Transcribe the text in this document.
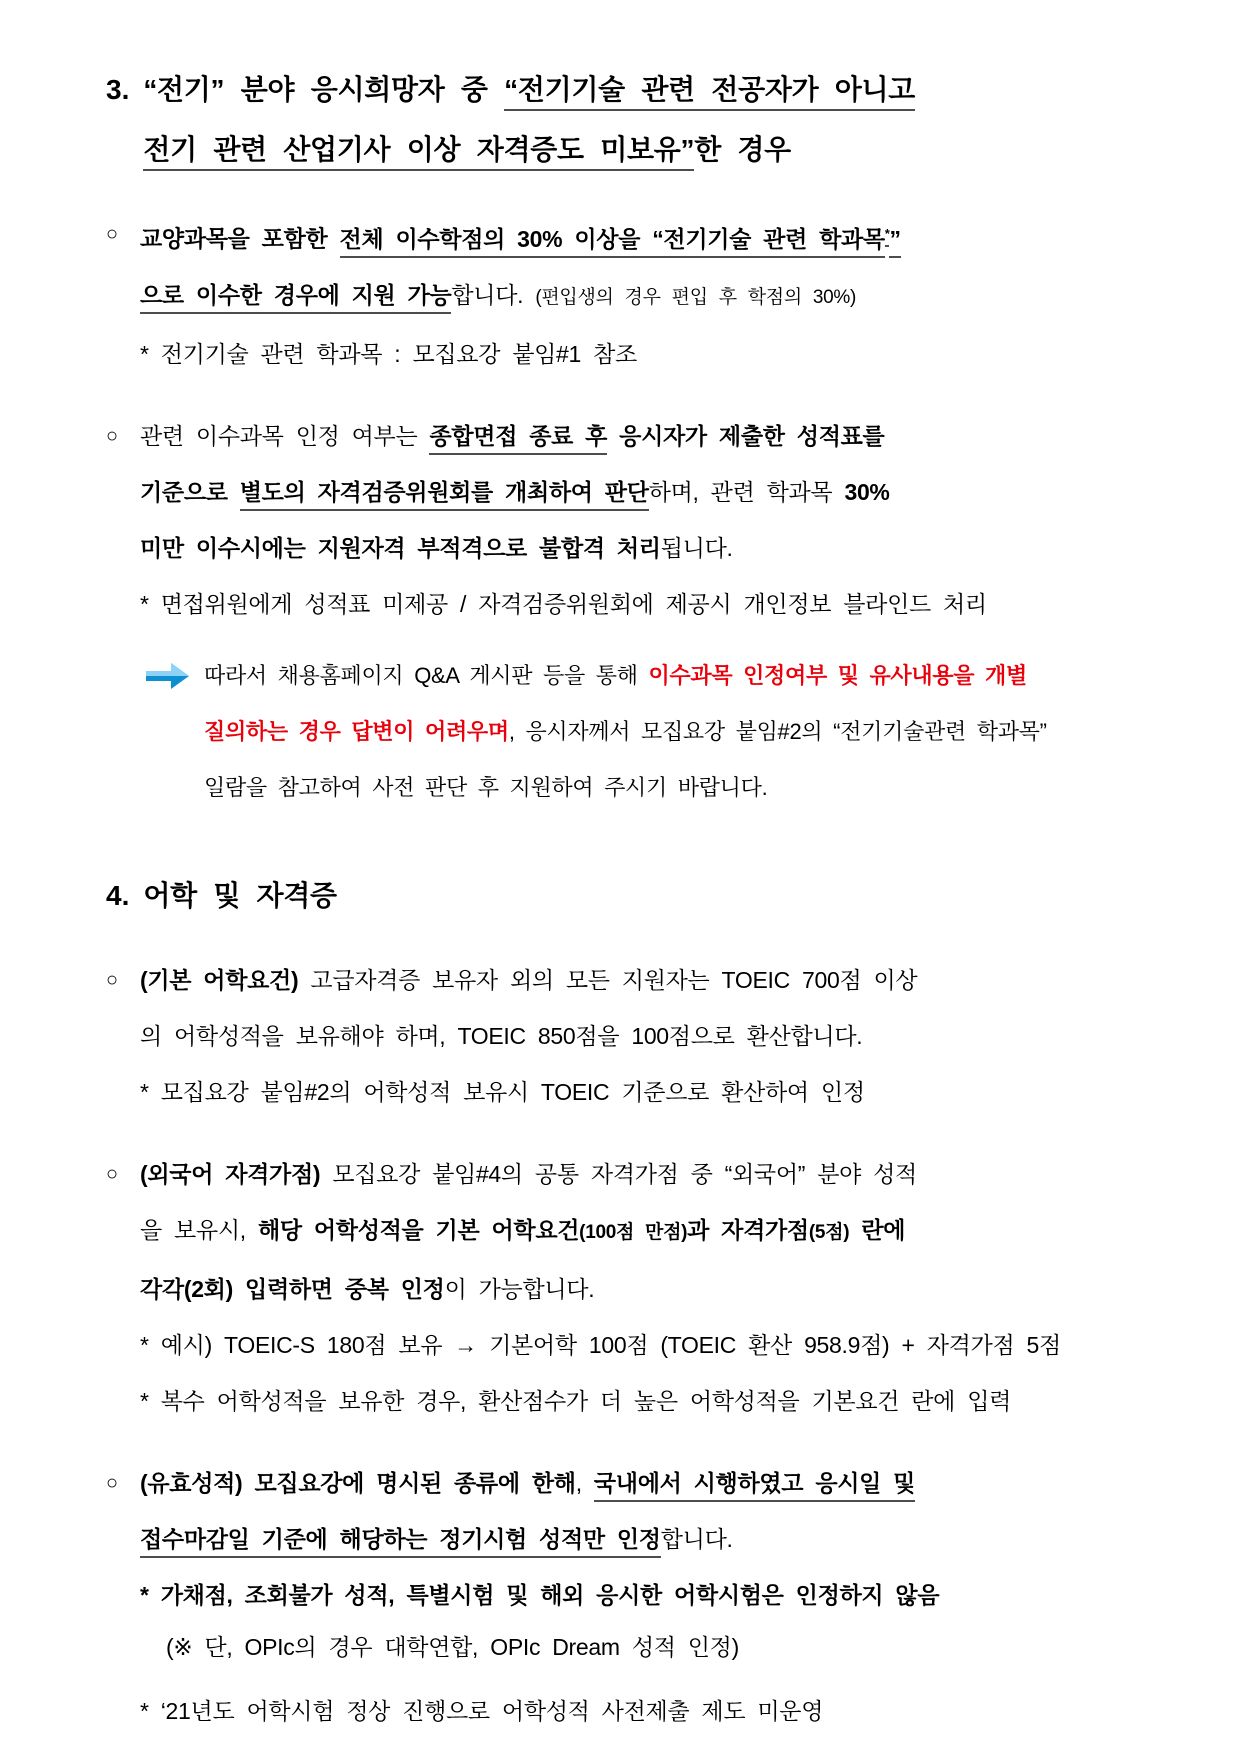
3. “전기” 분야 응시희망자 중 “전기기술 관련 전공자가 아니고
전기 관련 산업기사 이상 자격증도 미보유”한 경우
○ 교양과목을 포함한 전체 이수학점의 30% 이상을 “전기기술 관련 학과목*”
으로 이수한 경우에 지원 가능합니다. (편입생의 경우 편입 후 학점의 30%)
* 전기기술 관련 학과목 : 모집요강 붙임#1 참조
○ 관련 이수과목 인정 여부는 종합면접 종료 후 응시자가 제출한 성적표를
기준으로 별도의 자격검증위원회를 개최하여 판단하며, 관련 학과목 30%
미만 이수시에는 지원자격 부적격으로 불합격 처리됩니다.
* 면접위원에게 성적표 미제공 / 자격검증위원회에 제공시 개인정보 블라인드 처리
따라서 채용홈페이지 Q&A 게시판 등을 통해 이수과목 인정여부 및 유사내용을 개별
질의하는 경우 답변이 어려우며, 응시자께서 모집요강 붙임#2의 “전기기술관련 학과목”
일람을 참고하여 사전 판단 후 지원하여 주시기 바랍니다.
4. 어학 및 자격증
○ (기본 어학요건) 고급자격증 보유자 외의 모든 지원자는 TOEIC 700점 이상
의 어학성적을 보유해야 하며, TOEIC 850점을 100점으로 환산합니다.
* 모집요강 붙임#2의 어학성적 보유시 TOEIC 기준으로 환산하여 인정
○ (외국어 자격가점) 모집요강 붙임#4의 공통 자격가점 중 “외국어” 분야 성적
을 보유시, 해당 어학성적을 기본 어학요건(100점 만점)과 자격가점(5점) 란에
각각(2회) 입력하면 중복 인정이 가능합니다.
* 예시) TOEIC-S 180점 보유 → 기본어학 100점 (TOEIC 환산 958.9점) + 자격가점 5점
* 복수 어학성적을 보유한 경우, 환산점수가 더 높은 어학성적을 기본요건 란에 입력
○ (유효성적) 모집요강에 명시된 종류에 한해, 국내에서 시행하였고 응시일 및
접수마감일 기준에 해당하는 정기시험 성적만 인정합니다.
* 가채점, 조회불가 성적, 특별시험 및 해외 응시한 어학시험은 인정하지 않음
(※ 단, OPIc의 경우 대학연합, OPIc Dream 성적 인정)
* ‘21년도 어학시험 정상 진행으로 어학성적 사전제출 제도 미운영
